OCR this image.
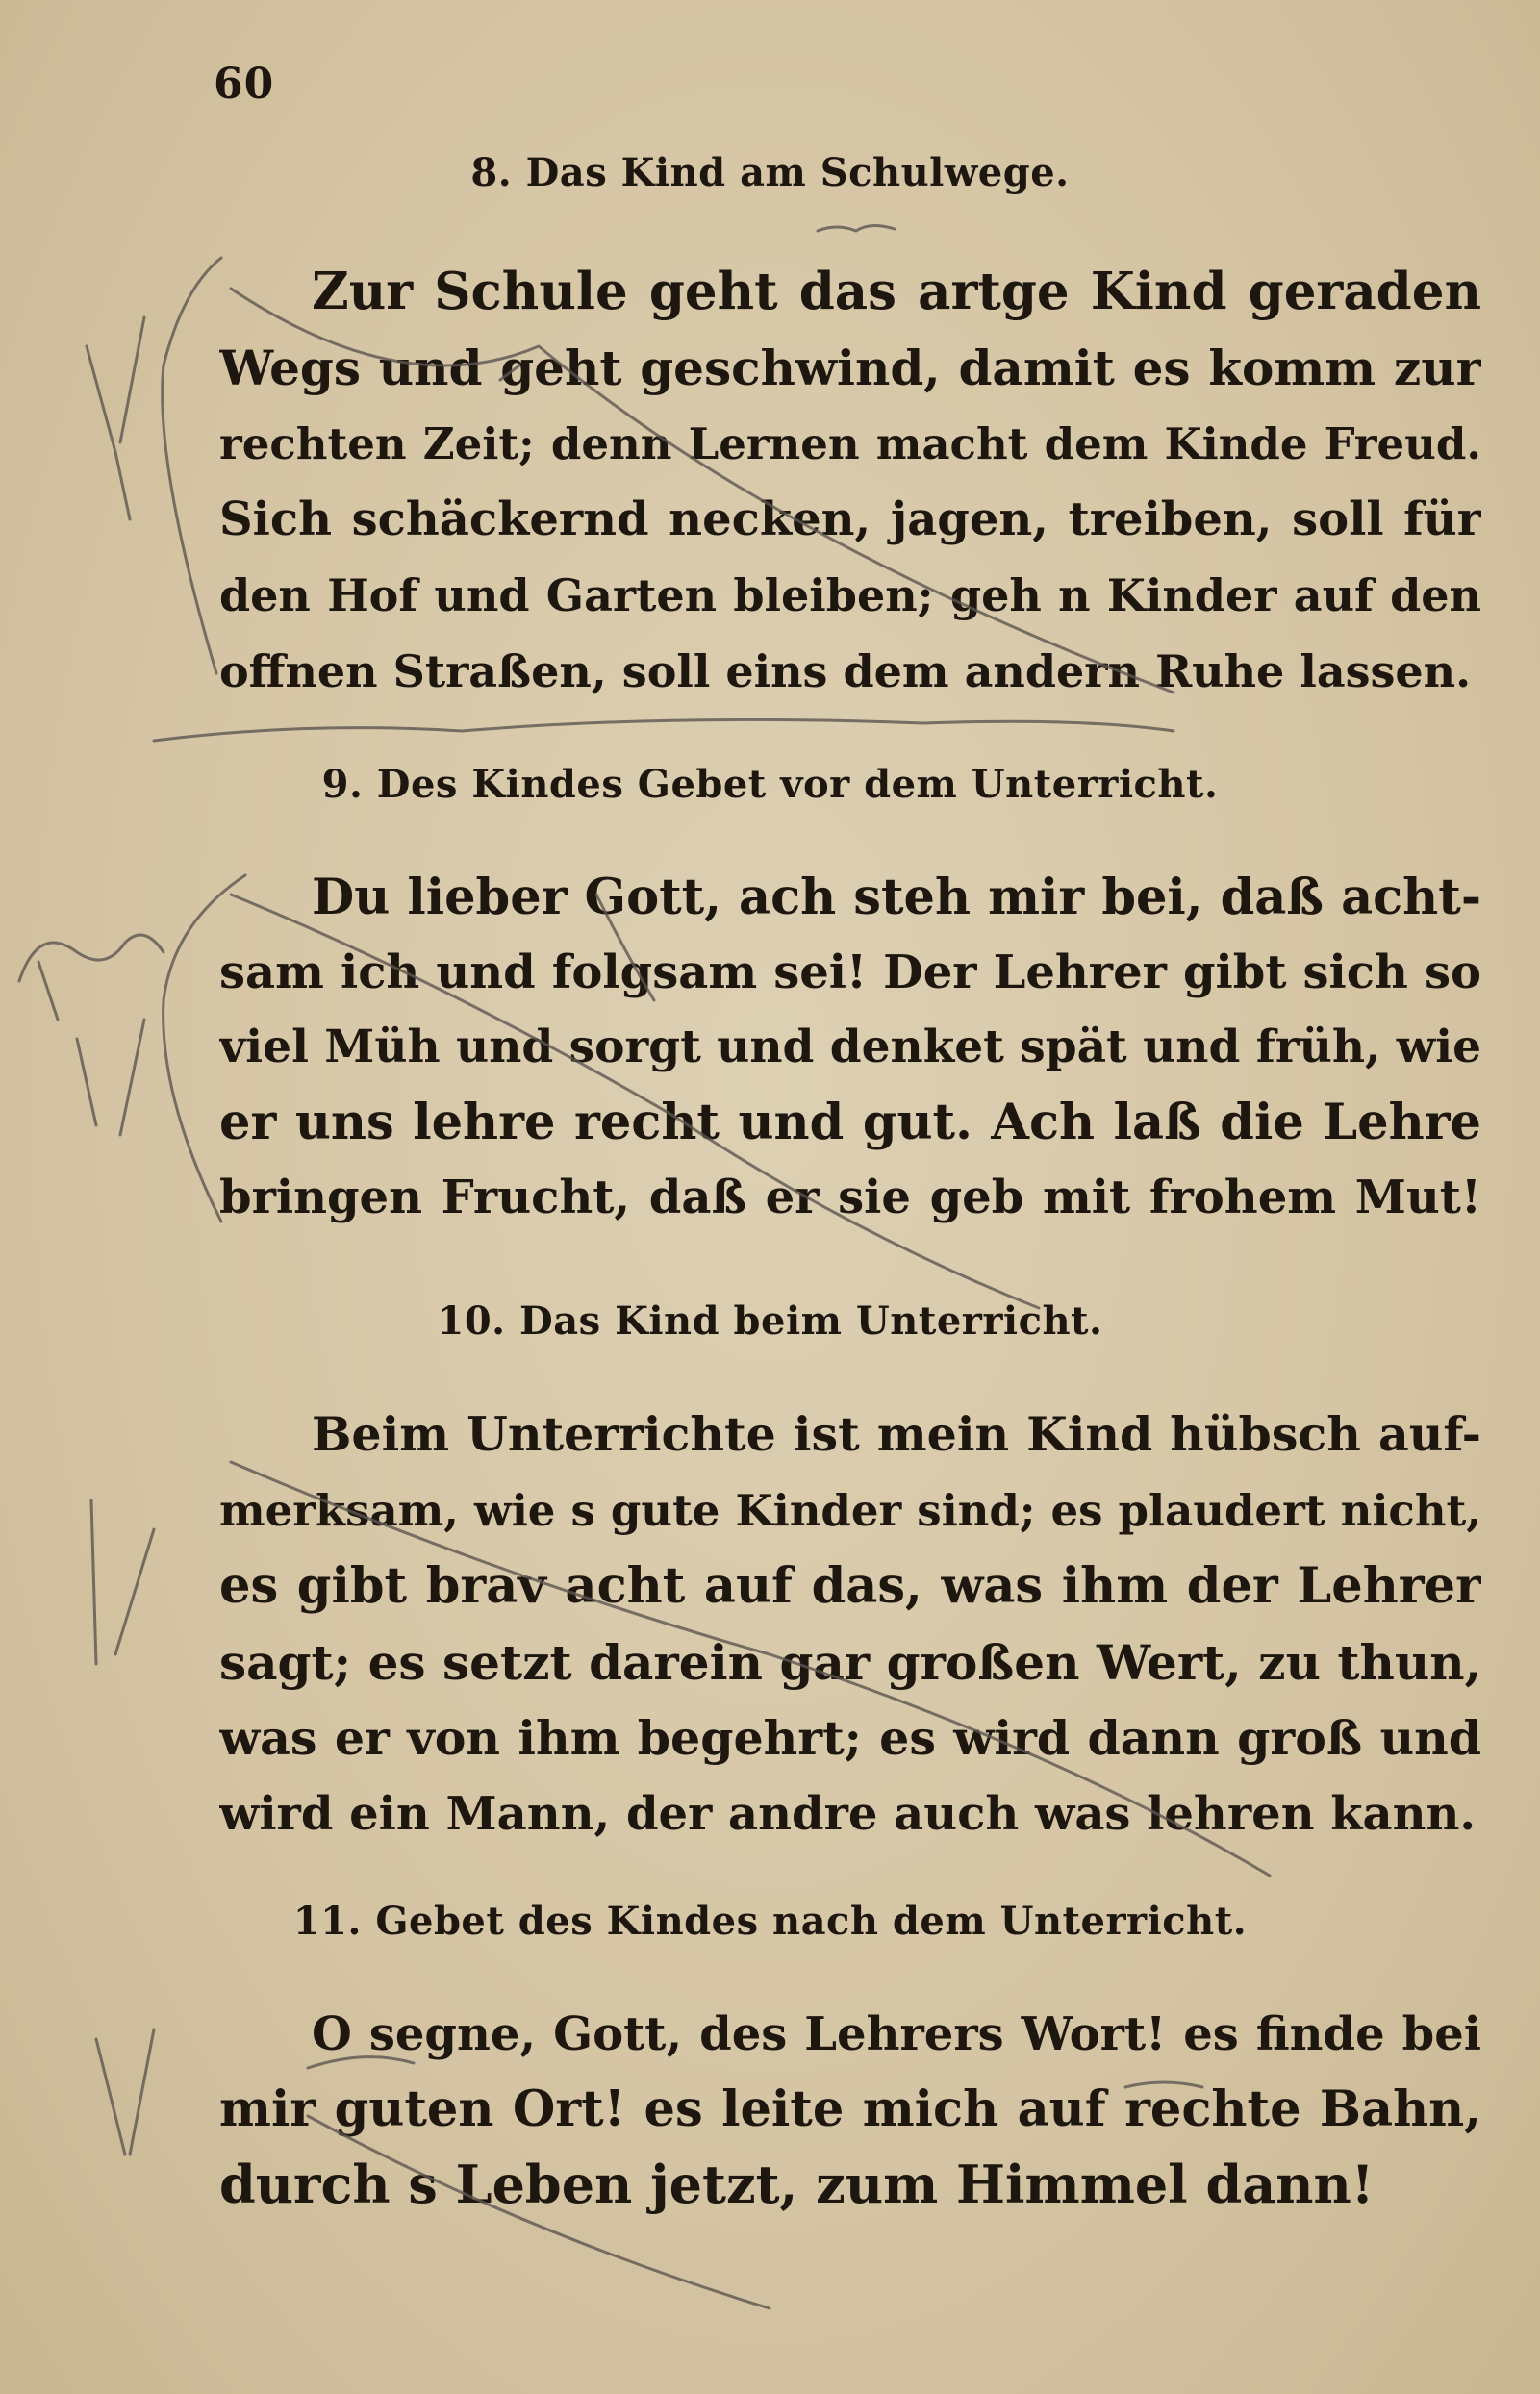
60
8. Das Kind am Schulwege.
Zur Schule geht das artge Kind geraden
Wegs und geht geschwind, damit es komm zur
rechten Zeit; denn Lernen macht dem Kinde Freud.
Sich schäckernd necken, jagen, treiben, soll für
den Hof und Garten bleiben; geh n Kinder auf den
offnen Straßen, soll eins dem andern Ruhe lassen.
9. Des Kindes Gebet vor dem Unterricht.
Du lieber Gott, ach steh mir bei, daß acht-
sam ich und folgsam sei! Der Lehrer gibt sich so
viel Müh und sorgt und denket spät und früh, wie
er uns lehre recht und gut. Ach laß die Lehre
bringen Frucht, daß er sie geb mit frohem Mut!
10. Das Kind beim Unterricht.
Beim Unterrichte ist mein Kind hübsch auf-
merksam, wie s gute Kinder sind; es plaudert nicht,
es gibt brav acht auf das, was ihm der Lehrer
sagt; es setzt darein gar großen Wert, zu thun,
was er von ihm begehrt; es wird dann groß und
wird ein Mann, der andre auch was lehren kann.
11. Gebet des Kindes nach dem Unterricht.
O segne, Gott, des Lehrers Wort! es finde bei
mir guten Ort! es leite mich auf rechte Bahn,
durch s Leben jetzt, zum Himmel dann!
